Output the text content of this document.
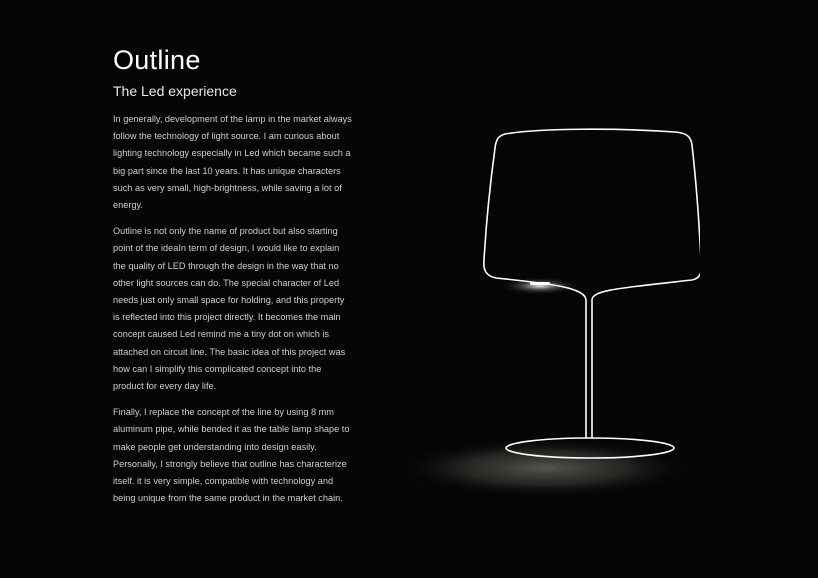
Outline
The Led experience

In generally, development of the lamp in the market always follow the technology of light source. I am curious about lighting technology especially in Led which became such a big part since the last 10 years. It has unique characters such as very small, high-brightness, while saving a lot of energy.

Outline is not only the name of product but also starting point of the ideaIn term of design, I would like to explain the quality of LED through the design in the way that no other light sources can do. The special character of Led needs just only small space for holding, and this property is reflected into this project directly. It becomes the main concept caused Led remind me a tiny dot on which is attached on circuit line. The basic idea of this project was how can I simplify this complicated concept into the product for every day life.

Finally, I replace the concept of the line by using 8 mm aluminum pipe, while bended it as the table lamp shape to make people get understanding into design easily. Personally, I strongly believe that outline has characterize itself. it is very simple, compatible with technology and being unique from the same product in the market chain.
